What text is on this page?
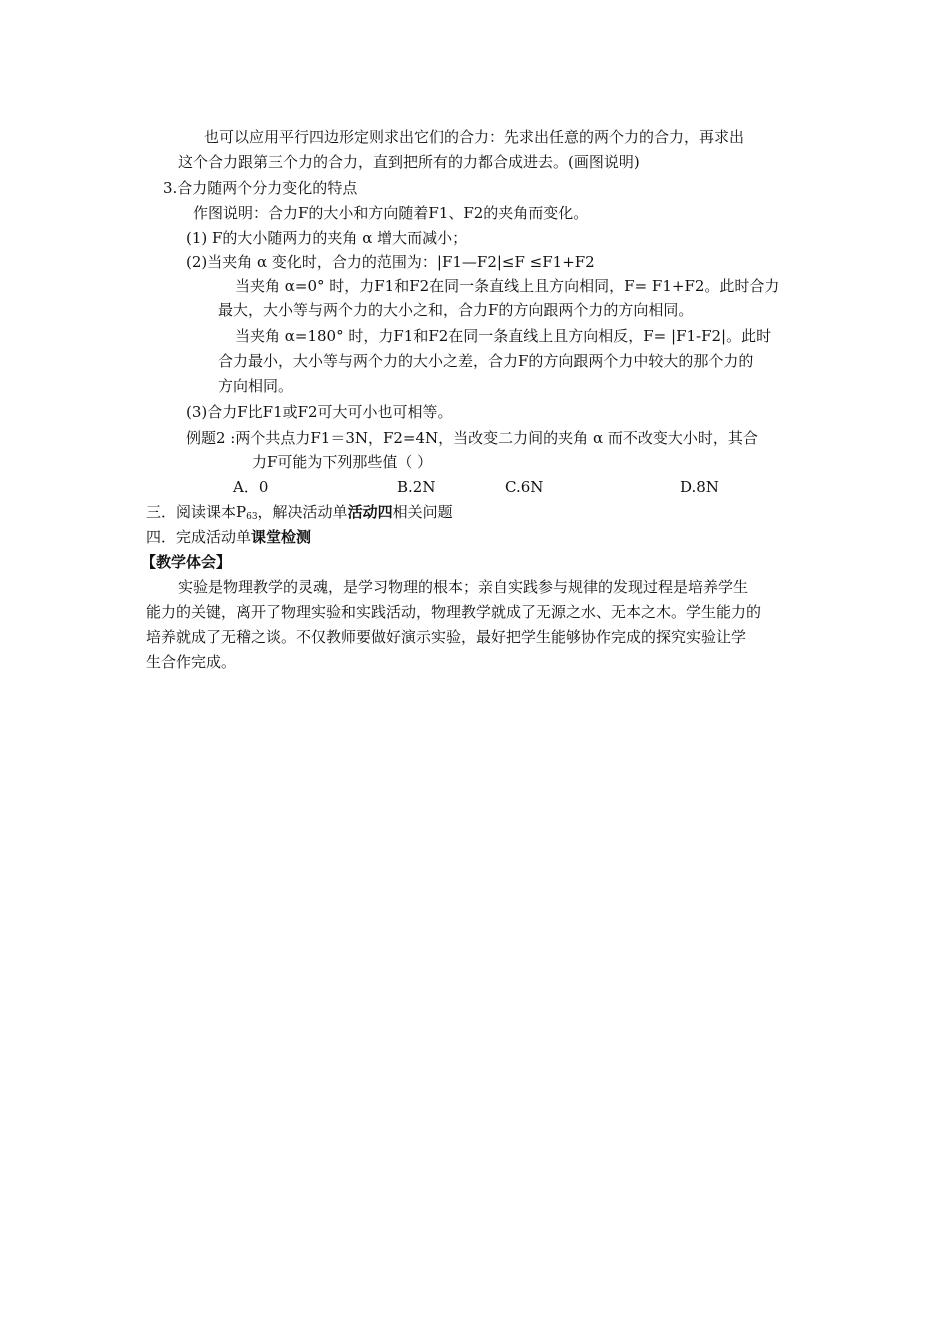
也可以应用平行四边形定则求出它们的合力：先求出任意的两个力的合力，再求出
这个合力跟第三个力的合力，直到把所有的力都合成进去。(画图说明)
3.合力随两个分力变化的特点
作图说明：合力F的大小和方向随着F1、F2的夹角而变化。
(1) F的大小随两力的夹角 α 增大而减小；
(2)当夹角 α 变化时，合力的范围为：|F1—F2|≤F ≤F1+F2
当夹角 α=0° 时，力F1和F2在同一条直线上且方向相同，F= F1+F2。此时合力
最大，大小等与两个力的大小之和，合力F的方向跟两个力的方向相同。
当夹角 α=180° 时，力F1和F2在同一条直线上且方向相反，F= |F1-F2|。此时
合力最小，大小等与两个力的大小之差，合力F的方向跟两个力中较大的那个力的
方向相同。
(3)合力F比F1或F2可大可小也可相等。
例题2 :两个共点力F1＝3N，F2=4N，当改变二力间的夹角 α 而不改变大小时，其合
力F可能为下列那些值（ ）
A．0	B.2N	C.6N	D.8N
三．阅读课本$P_{63}$，解决活动单活动四相关问题
四．完成活动单课堂检测
【教学体会】
实验是物理教学的灵魂，是学习物理的根本；亲自实践参与规律的发现过程是培养学生
能力的关键，离开了物理实验和实践活动，物理教学就成了无源之水、无本之木。学生能力的
培养就成了无稽之谈。不仅教师要做好演示实验，最好把学生能够协作完成的探究实验让学
生合作完成。
